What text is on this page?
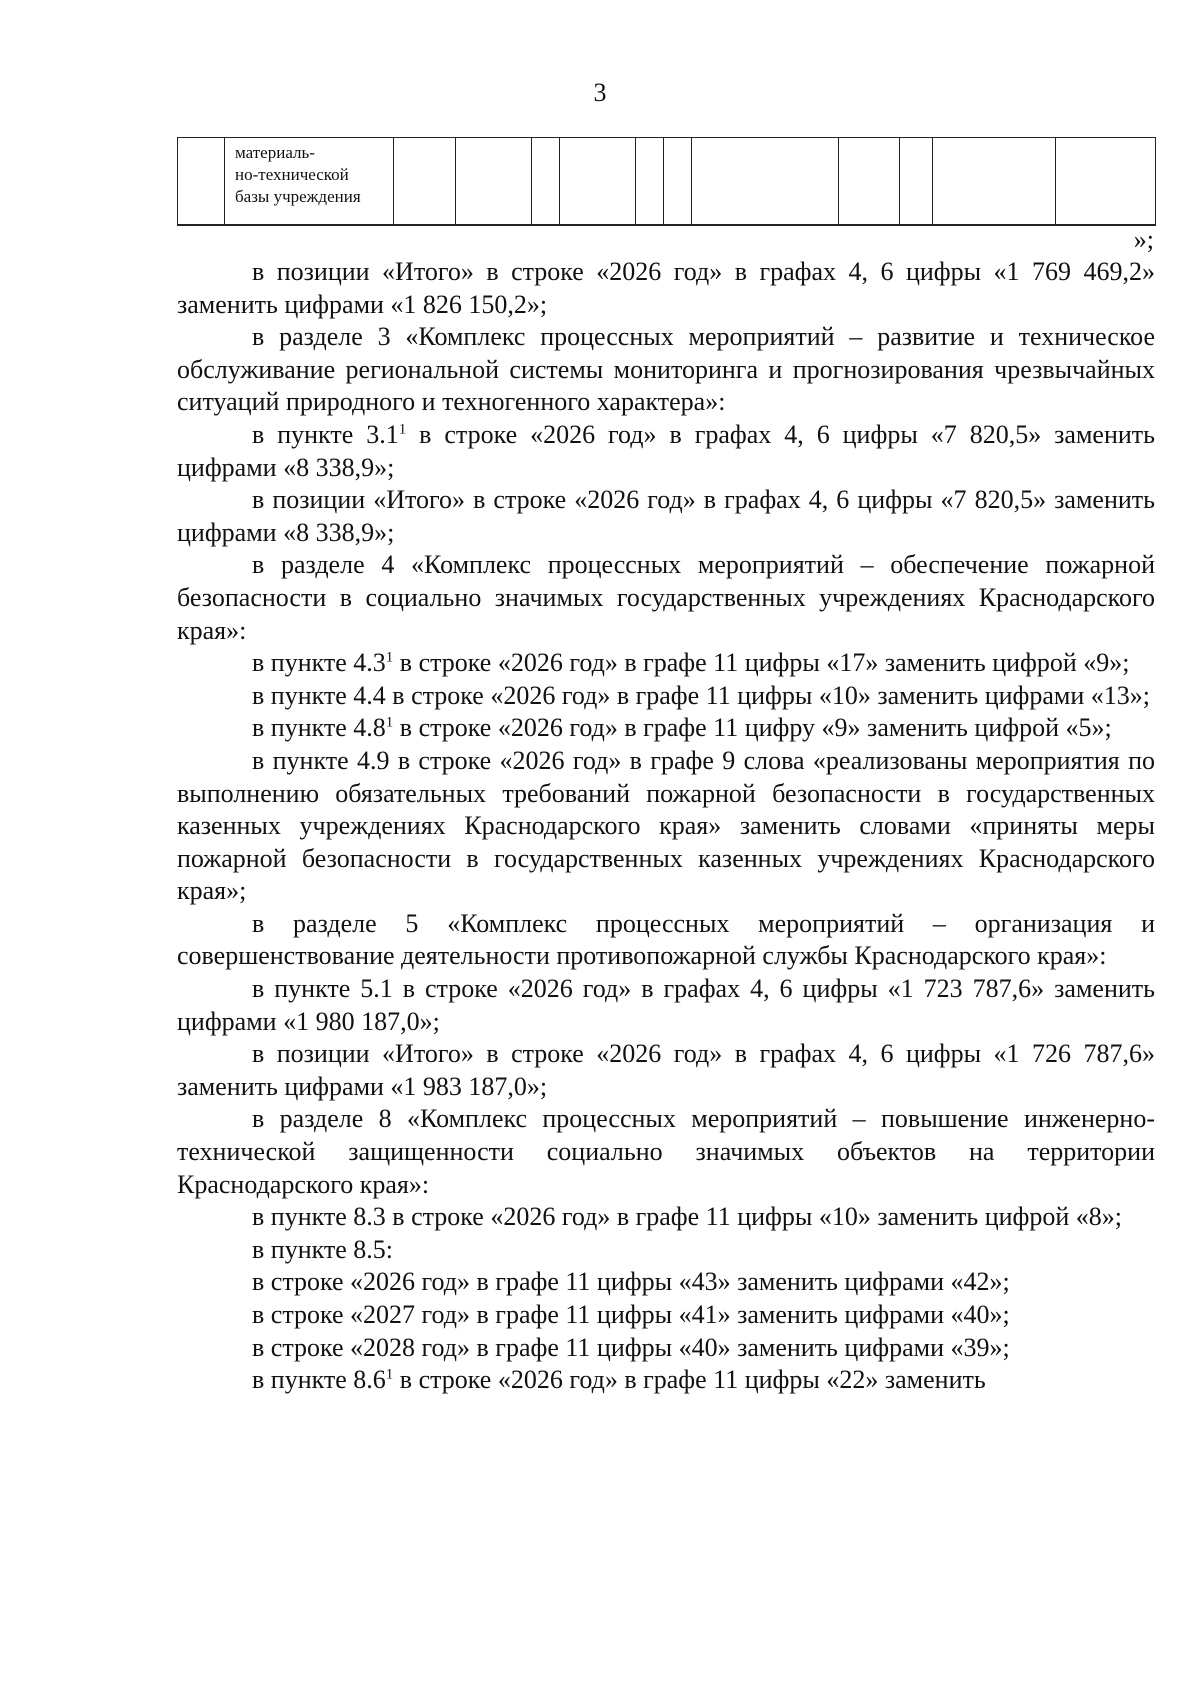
3

материаль-
но-технической
базы учреждения

»;

в позиции «Итого» в строке «2026 год» в графах 4, 6 цифры «1 769 469,2» заменить цифрами «1 826 150,2»;

в разделе 3 «Комплекс процессных мероприятий – развитие и техническое обслуживание региональной системы мониторинга и прогнозирования чрезвычайных ситуаций природного и техногенного характера»:

в пункте $3.1^1$ в строке «2026 год» в графах 4, 6 цифры «7 820,5» заменить цифрами «8 338,9»;

в позиции «Итого» в строке «2026 год» в графах 4, 6 цифры «7 820,5» заменить цифрами «8 338,9»;

в разделе 4 «Комплекс процессных мероприятий – обеспечение пожарной безопасности в социально значимых государственных учреждениях Краснодарского края»:

в пункте $4.3^1$ в строке «2026 год» в графе 11 цифры «17» заменить цифрой «9»;

в пункте 4.4 в строке «2026 год» в графе 11 цифры «10» заменить цифрами «13»;

в пункте $4.8^1$ в строке «2026 год» в графе 11 цифру «9» заменить цифрой «5»;

в пункте 4.9 в строке «2026 год» в графе 9 слова «реализованы мероприятия по выполнению обязательных требований пожарной безопасности в государственных казенных учреждениях Краснодарского края» заменить словами «приняты меры пожарной безопасности в государственных казенных учреждениях Краснодарского края»;

в разделе 5 «Комплекс процессных мероприятий – организация и совершенствование деятельности противопожарной службы Краснодарского края»:

в пункте 5.1 в строке «2026 год» в графах 4, 6 цифры «1 723 787,6» заменить цифрами «1 980 187,0»;

в позиции «Итого» в строке «2026 год» в графах 4, 6 цифры «1 726 787,6» заменить цифрами «1 983 187,0»;

в разделе 8 «Комплекс процессных мероприятий – повышение инженерно-технической защищенности социально значимых объектов на территории Краснодарского края»:

в пункте 8.3 в строке «2026 год» в графе 11 цифры «10» заменить цифрой «8»;

в пункте 8.5:

в строке «2026 год» в графе 11 цифры «43» заменить цифрами «42»;

в строке «2027 год» в графе 11 цифры «41» заменить цифрами «40»;

в строке «2028 год» в графе 11 цифры «40» заменить цифрами «39»;

в пункте $8.6^1$ в строке «2026 год» в графе 11 цифры «22» заменить
